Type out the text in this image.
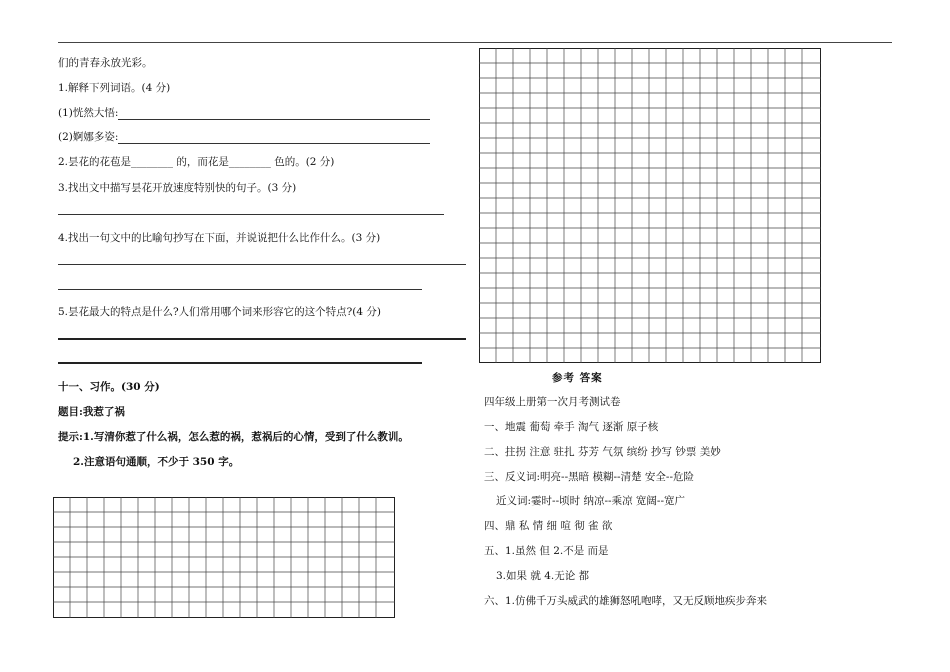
们的青春永放光彩。
1.解释下列词语。(4 分)
(1)恍然大悟:
(2)婀娜多姿:
2.昙花的花苞是________ 的，而花是________ 色的。(2 分)
3.找出文中描写昙花开放速度特别快的句子。(3 分)
4.找出一句文中的比喻句抄写在下面，并说说把什么比作什么。(3 分)
5.昙花最大的特点是什么?人们常用哪个词来形容它的这个特点?(4 分)
十一、习作。(30 分)
题目:我惹了祸
提示:1.写清你惹了什么祸，怎么惹的祸，惹祸后的心情，受到了什么教训。
2.注意语句通顺，不少于 350 字。
参考 答案
四年级上册第一次月考测试卷
一、地震 葡萄 牵手 淘气 逐渐 原子核
二、拄拐 注意 驻扎 芬芳 气氛 缤纷 抄写 钞票 美妙
三、反义词:明亮--黑暗 模糊--清楚 安全--危险
近义词:霎时--顷时 纳凉--乘凉 宽阔--宽广
四、鼎 私 情 细 喧 彻 雀 欲
五、1.虽然 但 2.不是 而是
3.如果 就 4.无论 都
六、1.仿佛千万头威武的雄狮怒吼咆哮，又无反顾地疾步奔来
